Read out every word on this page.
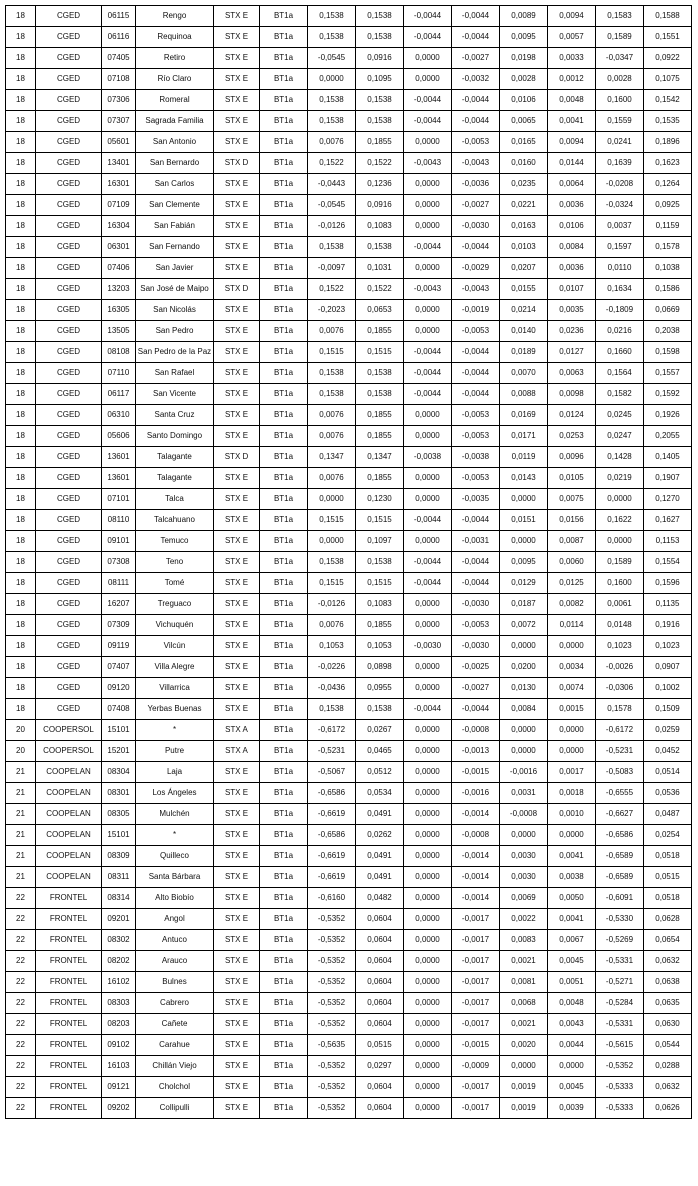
18	CGED	06115	Rengo	STX E	BT1a	0,1538	0,1538	-0,0044	-0,0044	0,0089	0,0094	0,1583	0,1588
18	CGED	06116	Requinoa	STX E	BT1a	0,1538	0,1538	-0,0044	-0,0044	0,0095	0,0057	0,1589	0,1551
18	CGED	07405	Retiro	STX E	BT1a	-0,0545	0,0916	0,0000	-0,0027	0,0198	0,0033	-0,0347	0,0922
18	CGED	07108	Río Claro	STX E	BT1a	0,0000	0,1095	0,0000	-0,0032	0,0028	0,0012	0,0028	0,1075
18	CGED	07306	Romeral	STX E	BT1a	0,1538	0,1538	-0,0044	-0,0044	0,0106	0,0048	0,1600	0,1542
18	CGED	07307	Sagrada Familia	STX E	BT1a	0,1538	0,1538	-0,0044	-0,0044	0,0065	0,0041	0,1559	0,1535
18	CGED	05601	San Antonio	STX E	BT1a	0,0076	0,1855	0,0000	-0,0053	0,0165	0,0094	0,0241	0,1896
18	CGED	13401	San Bernardo	STX D	BT1a	0,1522	0,1522	-0,0043	-0,0043	0,0160	0,0144	0,1639	0,1623
18	CGED	16301	San Carlos	STX E	BT1a	-0,0443	0,1236	0,0000	-0,0036	0,0235	0,0064	-0,0208	0,1264
18	CGED	07109	San Clemente	STX E	BT1a	-0,0545	0,0916	0,0000	-0,0027	0,0221	0,0036	-0,0324	0,0925
18	CGED	16304	San Fabián	STX E	BT1a	-0,0126	0,1083	0,0000	-0,0030	0,0163	0,0106	0,0037	0,1159
18	CGED	06301	San Fernando	STX E	BT1a	0,1538	0,1538	-0,0044	-0,0044	0,0103	0,0084	0,1597	0,1578
18	CGED	07406	San Javier	STX E	BT1a	-0,0097	0,1031	0,0000	-0,0029	0,0207	0,0036	0,0110	0,1038
18	CGED	13203	San José de Maipo	STX D	BT1a	0,1522	0,1522	-0,0043	-0,0043	0,0155	0,0107	0,1634	0,1586
18	CGED	16305	San Nicolás	STX E	BT1a	-0,2023	0,0653	0,0000	-0,0019	0,0214	0,0035	-0,1809	0,0669
18	CGED	13505	San Pedro	STX E	BT1a	0,0076	0,1855	0,0000	-0,0053	0,0140	0,0236	0,0216	0,2038
18	CGED	08108	San Pedro de la Paz	STX E	BT1a	0,1515	0,1515	-0,0044	-0,0044	0,0189	0,0127	0,1660	0,1598
18	CGED	07110	San Rafael	STX E	BT1a	0,1538	0,1538	-0,0044	-0,0044	0,0070	0,0063	0,1564	0,1557
18	CGED	06117	San Vicente	STX E	BT1a	0,1538	0,1538	-0,0044	-0,0044	0,0088	0,0098	0,1582	0,1592
18	CGED	06310	Santa Cruz	STX E	BT1a	0,0076	0,1855	0,0000	-0,0053	0,0169	0,0124	0,0245	0,1926
18	CGED	05606	Santo Domingo	STX E	BT1a	0,0076	0,1855	0,0000	-0,0053	0,0171	0,0253	0,0247	0,2055
18	CGED	13601	Talagante	STX D	BT1a	0,1347	0,1347	-0,0038	-0,0038	0,0119	0,0096	0,1428	0,1405
18	CGED	13601	Talagante	STX E	BT1a	0,0076	0,1855	0,0000	-0,0053	0,0143	0,0105	0,0219	0,1907
18	CGED	07101	Talca	STX E	BT1a	0,0000	0,1230	0,0000	-0,0035	0,0000	0,0075	0,0000	0,1270
18	CGED	08110	Talcahuano	STX E	BT1a	0,1515	0,1515	-0,0044	-0,0044	0,0151	0,0156	0,1622	0,1627
18	CGED	09101	Temuco	STX E	BT1a	0,0000	0,1097	0,0000	-0,0031	0,0000	0,0087	0,0000	0,1153
18	CGED	07308	Teno	STX E	BT1a	0,1538	0,1538	-0,0044	-0,0044	0,0095	0,0060	0,1589	0,1554
18	CGED	08111	Tomé	STX E	BT1a	0,1515	0,1515	-0,0044	-0,0044	0,0129	0,0125	0,1600	0,1596
18	CGED	16207	Treguaco	STX E	BT1a	-0,0126	0,1083	0,0000	-0,0030	0,0187	0,0082	0,0061	0,1135
18	CGED	07309	Vichuquén	STX E	BT1a	0,0076	0,1855	0,0000	-0,0053	0,0072	0,0114	0,0148	0,1916
18	CGED	09119	Vilcún	STX E	BT1a	0,1053	0,1053	-0,0030	-0,0030	0,0000	0,0000	0,1023	0,1023
18	CGED	07407	Villa Alegre	STX E	BT1a	-0,0226	0,0898	0,0000	-0,0025	0,0200	0,0034	-0,0026	0,0907
18	CGED	09120	Villarrica	STX E	BT1a	-0,0436	0,0955	0,0000	-0,0027	0,0130	0,0074	-0,0306	0,1002
18	CGED	07408	Yerbas Buenas	STX E	BT1a	0,1538	0,1538	-0,0044	-0,0044	0,0084	0,0015	0,1578	0,1509
20	COOPERSOL	15101	*	STX A	BT1a	-0,6172	0,0267	0,0000	-0,0008	0,0000	0,0000	-0,6172	0,0259
20	COOPERSOL	15201	Putre	STX A	BT1a	-0,5231	0,0465	0,0000	-0,0013	0,0000	0,0000	-0,5231	0,0452
21	COOPELAN	08304	Laja	STX E	BT1a	-0,5067	0,0512	0,0000	-0,0015	-0,0016	0,0017	-0,5083	0,0514
21	COOPELAN	08301	Los Ángeles	STX E	BT1a	-0,6586	0,0534	0,0000	-0,0016	0,0031	0,0018	-0,6555	0,0536
21	COOPELAN	08305	Mulchén	STX E	BT1a	-0,6619	0,0491	0,0000	-0,0014	-0,0008	0,0010	-0,6627	0,0487
21	COOPELAN	15101	*	STX E	BT1a	-0,6586	0,0262	0,0000	-0,0008	0,0000	0,0000	-0,6586	0,0254
21	COOPELAN	08309	Quilleco	STX E	BT1a	-0,6619	0,0491	0,0000	-0,0014	0,0030	0,0041	-0,6589	0,0518
21	COOPELAN	08311	Santa Bárbara	STX E	BT1a	-0,6619	0,0491	0,0000	-0,0014	0,0030	0,0038	-0,6589	0,0515
22	FRONTEL	08314	Alto Biobío	STX E	BT1a	-0,6160	0,0482	0,0000	-0,0014	0,0069	0,0050	-0,6091	0,0518
22	FRONTEL	09201	Angol	STX E	BT1a	-0,5352	0,0604	0,0000	-0,0017	0,0022	0,0041	-0,5330	0,0628
22	FRONTEL	08302	Antuco	STX E	BT1a	-0,5352	0,0604	0,0000	-0,0017	0,0083	0,0067	-0,5269	0,0654
22	FRONTEL	08202	Arauco	STX E	BT1a	-0,5352	0,0604	0,0000	-0,0017	0,0021	0,0045	-0,5331	0,0632
22	FRONTEL	16102	Bulnes	STX E	BT1a	-0,5352	0,0604	0,0000	-0,0017	0,0081	0,0051	-0,5271	0,0638
22	FRONTEL	08303	Cabrero	STX E	BT1a	-0,5352	0,0604	0,0000	-0,0017	0,0068	0,0048	-0,5284	0,0635
22	FRONTEL	08203	Cañete	STX E	BT1a	-0,5352	0,0604	0,0000	-0,0017	0,0021	0,0043	-0,5331	0,0630
22	FRONTEL	09102	Carahue	STX E	BT1a	-0,5635	0,0515	0,0000	-0,0015	0,0020	0,0044	-0,5615	0,0544
22	FRONTEL	16103	Chillán Viejo	STX E	BT1a	-0,5352	0,0297	0,0000	-0,0009	0,0000	0,0000	-0,5352	0,0288
22	FRONTEL	09121	Cholchol	STX E	BT1a	-0,5352	0,0604	0,0000	-0,0017	0,0019	0,0045	-0,5333	0,0632
22	FRONTEL	09202	Collipulli	STX E	BT1a	-0,5352	0,0604	0,0000	-0,0017	0,0019	0,0039	-0,5333	0,0626
